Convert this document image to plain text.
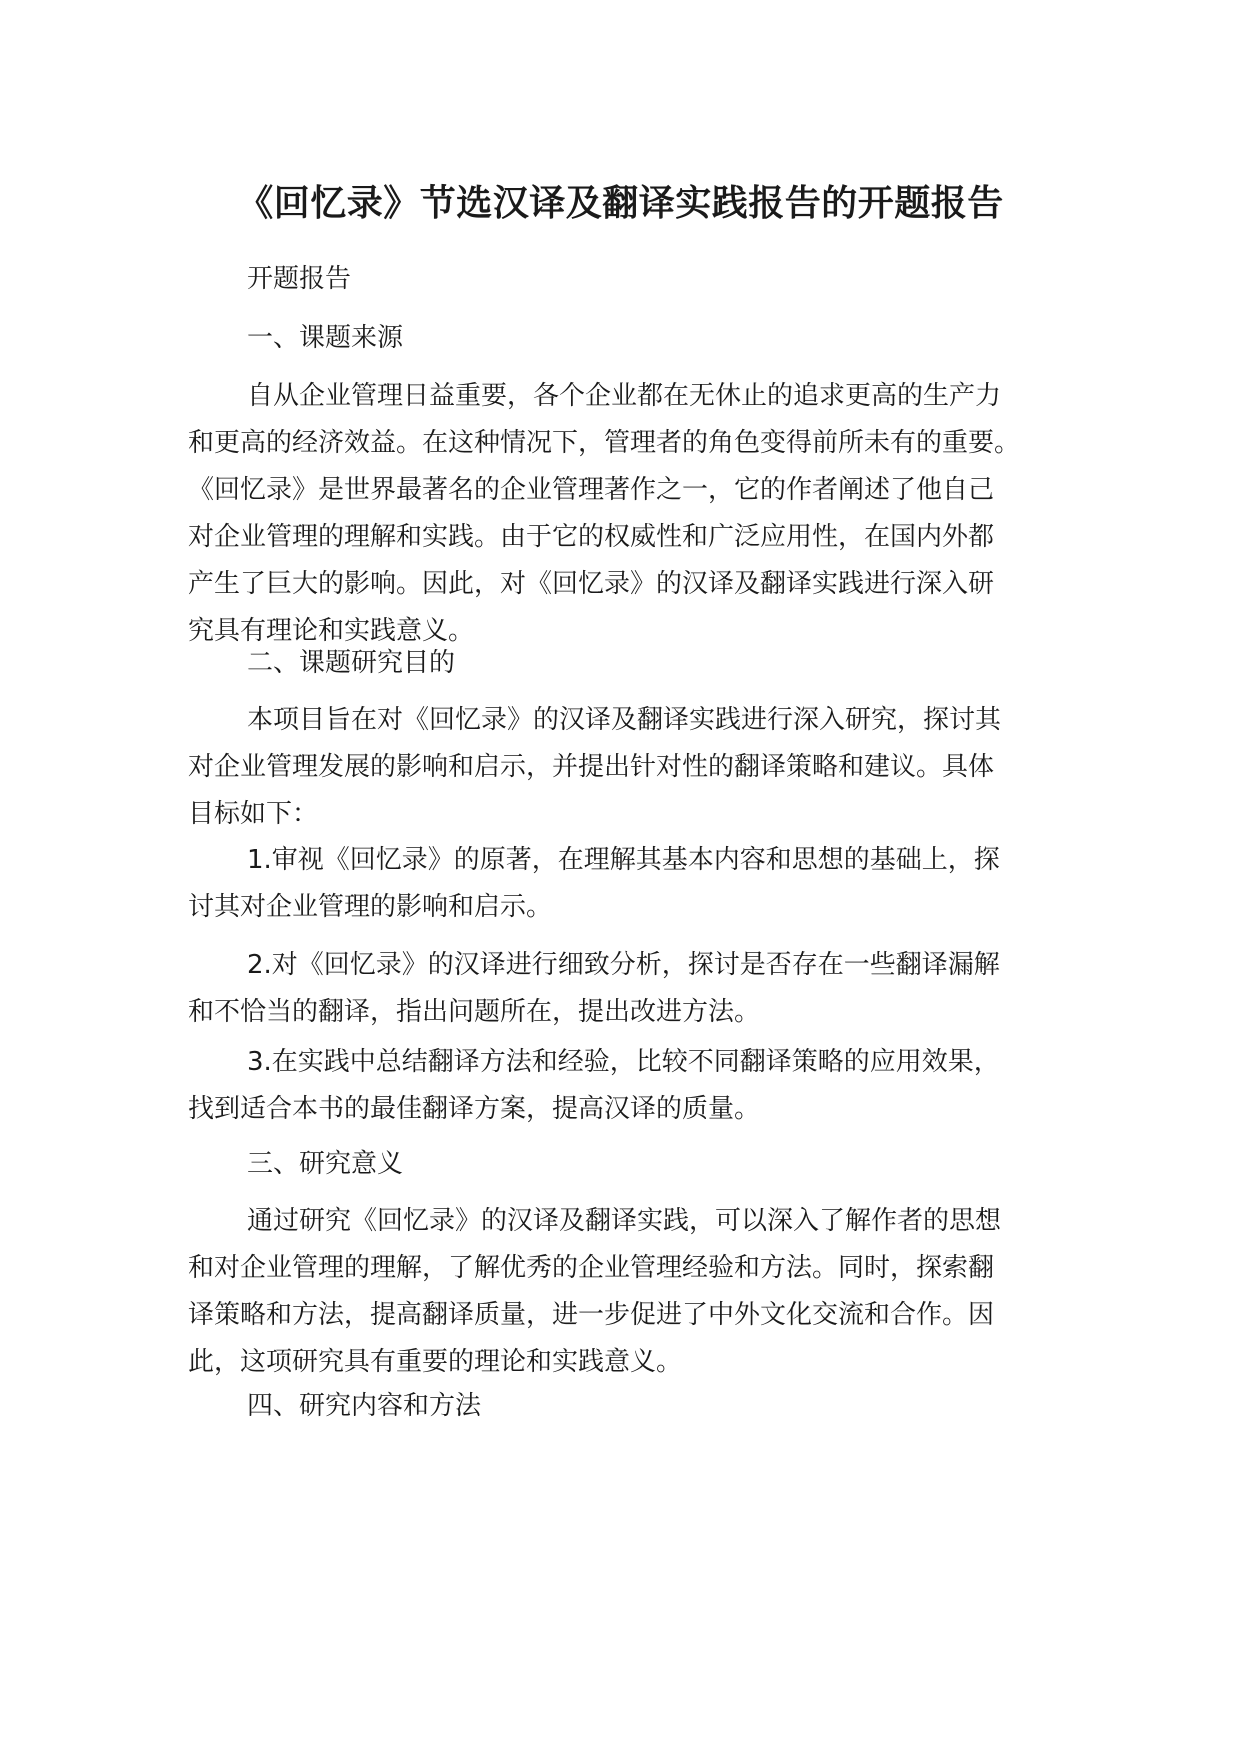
《回忆录》节选汉译及翻译实践报告的开题报告
开题报告
一、课题来源
自从企业管理日益重要，各个企业都在无休止的追求更高的生产力
和更高的经济效益。在这种情况下，管理者的角色变得前所未有的重要。
《回忆录》是世界最著名的企业管理著作之一，它的作者阐述了他自己
对企业管理的理解和实践。由于它的权威性和广泛应用性，在国内外都
产生了巨大的影响。因此，对《回忆录》的汉译及翻译实践进行深入研
究具有理论和实践意义。
二、课题研究目的
本项目旨在对《回忆录》的汉译及翻译实践进行深入研究，探讨其
对企业管理发展的影响和启示，并提出针对性的翻译策略和建议。具体
目标如下：
1.审视《回忆录》的原著，在理解其基本内容和思想的基础上，探
讨其对企业管理的影响和启示。
2.对《回忆录》的汉译进行细致分析，探讨是否存在一些翻译漏解
和不恰当的翻译，指出问题所在，提出改进方法。
3.在实践中总结翻译方法和经验，比较不同翻译策略的应用效果，
找到适合本书的最佳翻译方案，提高汉译的质量。
三、研究意义
通过研究《回忆录》的汉译及翻译实践，可以深入了解作者的思想
和对企业管理的理解，了解优秀的企业管理经验和方法。同时，探索翻
译策略和方法，提高翻译质量，进一步促进了中外文化交流和合作。因
此，这项研究具有重要的理论和实践意义。
四、研究内容和方法
